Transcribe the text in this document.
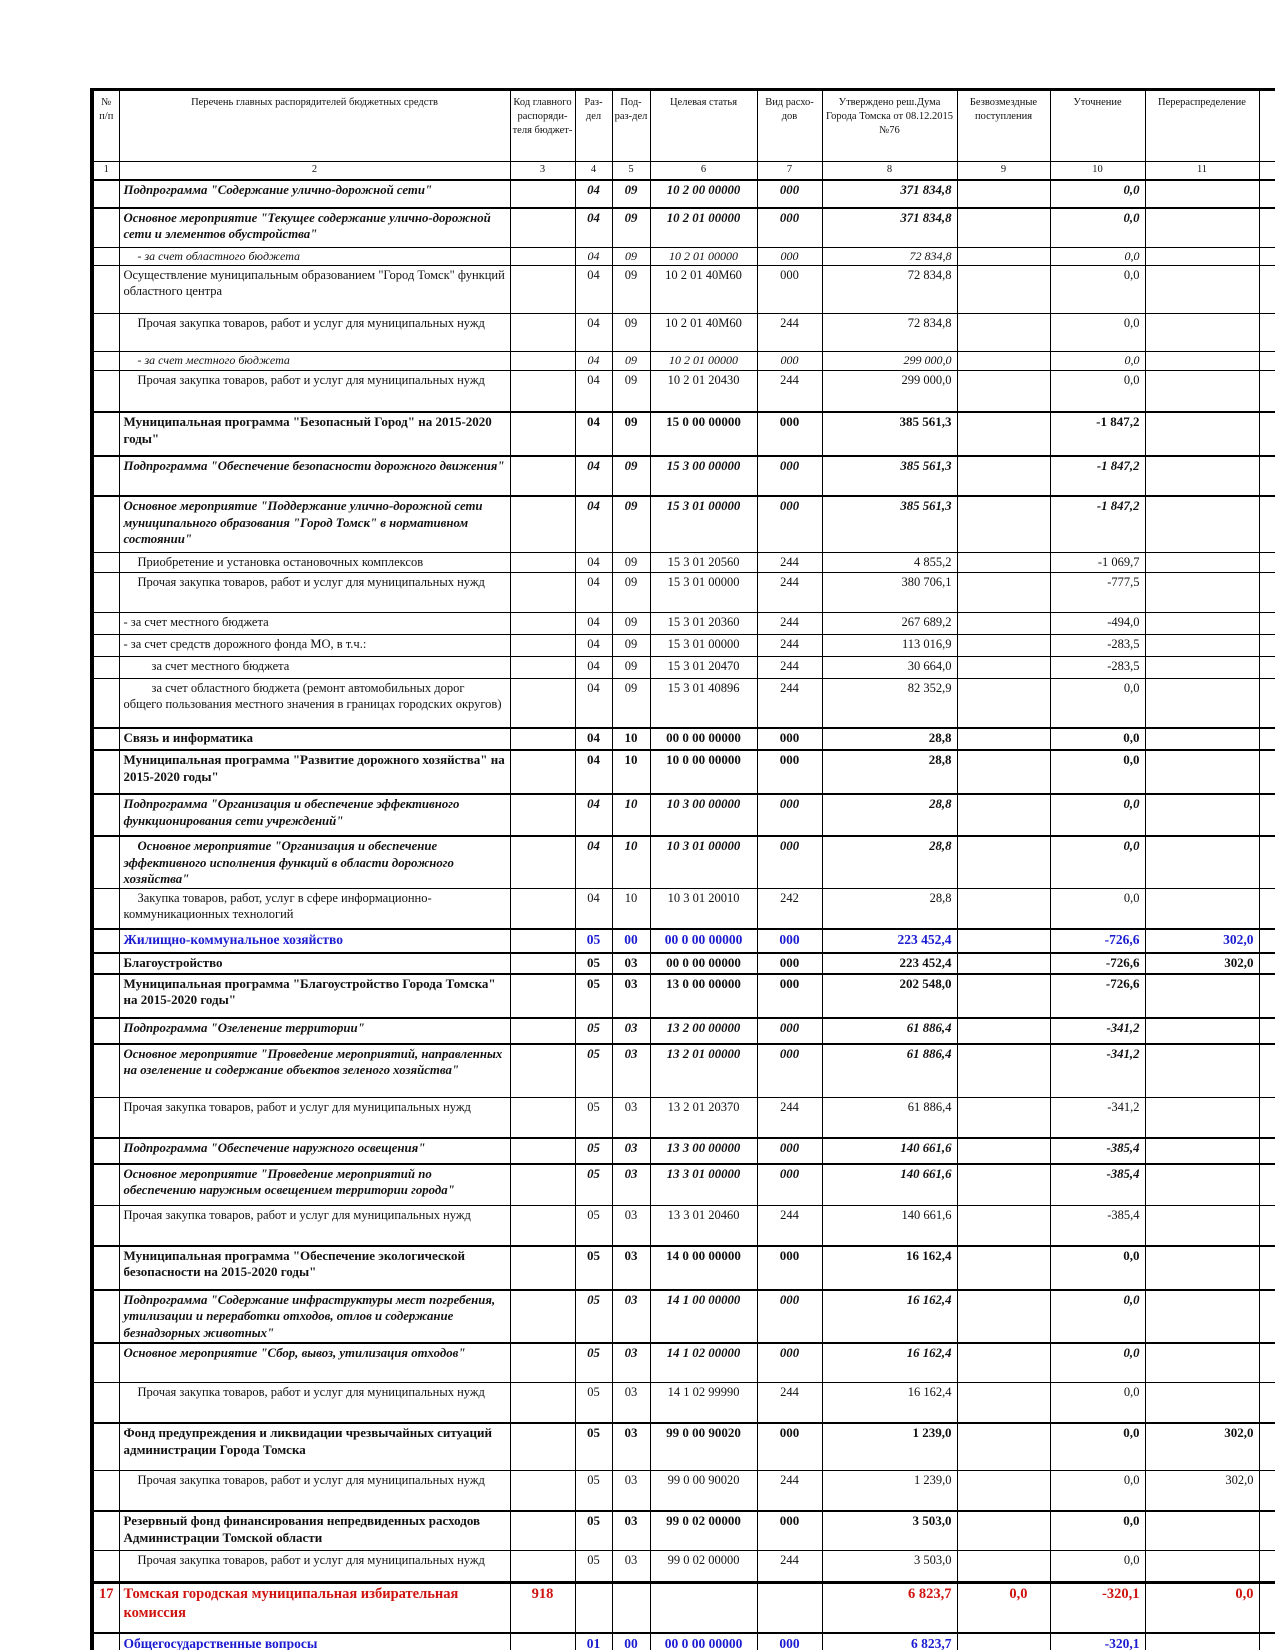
№ п/п	Перечень главных распорядителей бюджетных средств	Код главного распоряди-теля бюджет-	Раз-дел	Под-раз-дел	Целевая статья	Вид расхо-дов	Утверждено реш.Дума Города Томска от 08.12.2015 №76	Безвозмездные поступления	Уточнение	Перераспределение	
1	2	3	4	5	6	7	8	9	10	11	
	Подпрограмма "Содержание улично-дорожной сети"		04	09	10 2 00 00000	000	371 834,8		0,0		
	Основное мероприятие "Текущее содержание улично-дорожной сети и элементов обустройства"		04	09	10 2 01 00000	000	371 834,8		0,0		
	- за счет областного бюджета		04	09	10 2 01 00000	000	72 834,8		0,0		
	Осуществление муниципальным образованием "Город Томск" функций областного центра		04	09	10 2 01 40М60	000	72 834,8		0,0		
	Прочая закупка товаров, работ и услуг для муниципальных нужд		04	09	10 2 01 40М60	244	72 834,8		0,0		
	- за счет местного бюджета		04	09	10 2 01 00000	000	299 000,0		0,0		
	Прочая закупка товаров, работ и услуг для муниципальных нужд		04	09	10 2 01 20430	244	299 000,0		0,0		
	Муниципальная программа "Безопасный Город" на 2015-2020 годы"		04	09	15 0 00 00000	000	385 561,3		-1 847,2		
	Подпрограмма "Обеспечение безопасности дорожного движения"		04	09	15 3 00 00000	000	385 561,3		-1 847,2		
	Основное мероприятие "Поддержание улично-дорожной сети муниципального образования "Город Томск" в нормативном состоянии"		04	09	15 3 01 00000	000	385 561,3		-1 847,2		
	Приобретение и установка остановочных комплексов		04	09	15 3 01 20560	244	4 855,2		-1 069,7		
	Прочая закупка товаров, работ и услуг для муниципальных нужд		04	09	15 3 01 00000	244	380 706,1		-777,5		
	- за счет местного бюджета		04	09	15 3 01 20360	244	267 689,2		-494,0		
	- за счет средств дорожного фонда МО, в т.ч.:		04	09	15 3 01 00000	244	113 016,9		-283,5		
	за счет местного бюджета		04	09	15 3 01 20470	244	30 664,0		-283,5		
	за счет областного бюджета (ремонт автомобильных дорог общего пользования местного значения в границах городских округов)		04	09	15 3 01 40896	244	82 352,9		0,0		
	Связь и информатика		04	10	00 0 00 00000	000	28,8		0,0		
	Муниципальная программа "Развитие дорожного хозяйства" на 2015-2020 годы"		04	10	10 0 00 00000	000	28,8		0,0		
	Подпрограмма "Организация и обеспечение эффективного функционирования сети учреждений"		04	10	10 3 00 00000	000	28,8		0,0		
	Основное мероприятие "Организация и обеспечение эффективного исполнения функций в области дорожного хозяйства"		04	10	10 3 01 00000	000	28,8		0,0		
	Закупка товаров, работ, услуг в сфере информационно-коммуникационных технологий		04	10	10 3 01 20010	242	28,8		0,0		
	Жилищно-коммунальное хозяйство		05	00	00 0 00 00000	000	223 452,4		-726,6	302,0	
	Благоустройство		05	03	00 0 00 00000	000	223 452,4		-726,6	302,0	
	Муниципальная программа "Благоустройство Города Томска" на 2015-2020 годы"		05	03	13 0 00 00000	000	202 548,0		-726,6		
	Подпрограмма "Озеленение территории"		05	03	13 2 00 00000	000	61 886,4		-341,2		
	Основное мероприятие "Проведение мероприятий, направленных на озеленение и содержание объектов зеленого хозяйства"		05	03	13 2 01 00000	000	61 886,4		-341,2		
	Прочая закупка товаров, работ и услуг для муниципальных нужд		05	03	13 2 01 20370	244	61 886,4		-341,2		
	Подпрограмма "Обеспечение наружного освещения"		05	03	13 3 00 00000	000	140 661,6		-385,4		
	Основное мероприятие "Проведение мероприятий по обеспечению наружным освещением территории города"		05	03	13 3 01 00000	000	140 661,6		-385,4		
	Прочая закупка товаров, работ и услуг для муниципальных нужд		05	03	13 3 01 20460	244	140 661,6		-385,4		
	Муниципальная программа "Обеспечение экологической безопасности на 2015-2020 годы"		05	03	14 0 00 00000	000	16 162,4		0,0		
	Подпрограмма "Содержание инфраструктуры мест погребения, утилизации и переработки отходов, отлов и содержание безнадзорных животных"		05	03	14 1 00 00000	000	16 162,4		0,0		
	Основное мероприятие "Сбор, вывоз, утилизация отходов"		05	03	14 1 02 00000	000	16 162,4		0,0		
	Прочая закупка товаров, работ и услуг для муниципальных нужд		05	03	14 1 02 99990	244	16 162,4		0,0		
	Фонд предупреждения и ликвидации чрезвычайных ситуаций администрации Города Томска		05	03	99 0 00 90020	000	1 239,0		0,0	302,0	
	Прочая закупка товаров, работ и услуг для муниципальных нужд		05	03	99 0 00 90020	244	1 239,0		0,0	302,0	
	Резервный фонд финансирования непредвиденных расходов Администрации Томской области		05	03	99 0 02 00000	000	3 503,0		0,0		
	Прочая закупка товаров, работ и услуг для муниципальных нужд		05	03	99 0 02 00000	244	3 503,0		0,0		
17	Томская городская муниципальная избирательная комиссия	918					6 823,7	0,0	-320,1	0,0	
	Общегосударственные вопросы		01	00	00 0 00 00000	000	6 823,7		-320,1		
